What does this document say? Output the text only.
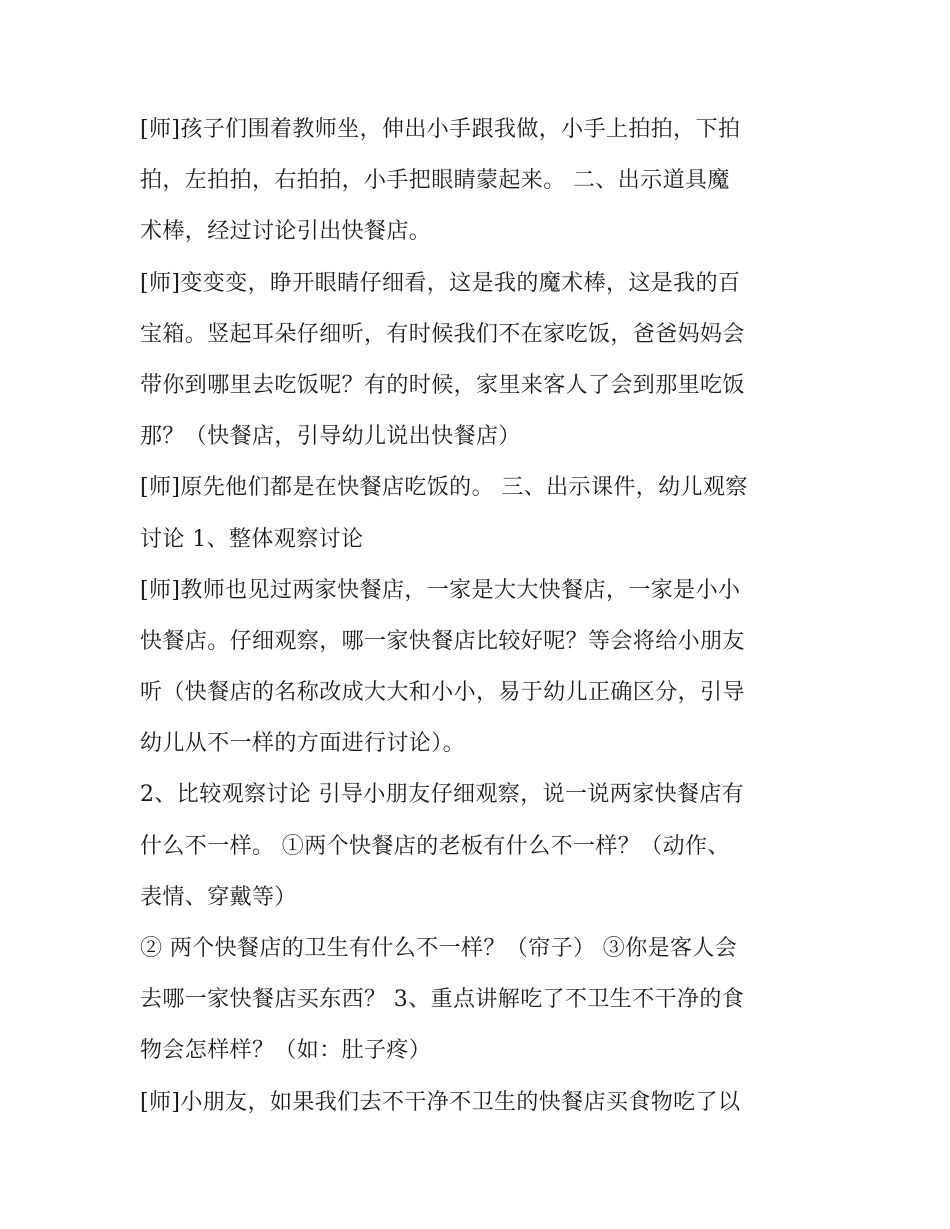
[师]孩子们围着教师坐，伸出小手跟我做，小手上拍拍，下拍
拍，左拍拍，右拍拍，小手把眼睛蒙起来。 二、出示道具魔
术棒，经过讨论引出快餐店。
[师]变变变，睁开眼睛仔细看，这是我的魔术棒，这是我的百
宝箱。竖起耳朵仔细听，有时候我们不在家吃饭，爸爸妈妈会
带你到哪里去吃饭呢？有的时候，家里来客人了会到那里吃饭
那？（快餐店，引导幼儿说出快餐店）
[师]原先他们都是在快餐店吃饭的。 三、出示课件，幼儿观察
讨论 1、整体观察讨论
[师]教师也见过两家快餐店，一家是大大快餐店，一家是小小
快餐店。仔细观察，哪一家快餐店比较好呢？等会将给小朋友
听（快餐店的名称改成大大和小小，易于幼儿正确区分，引导
幼儿从不一样的方面进行讨论）。
2、比较观察讨论 引导小朋友仔细观察，说一说两家快餐店有
什么不一样。 ①两个快餐店的老板有什么不一样？（动作、
表情、穿戴等）
② 两个快餐店的卫生有什么不一样？（帘子） ③你是客人会
去哪一家快餐店买东西？ 3、重点讲解吃了不卫生不干净的食
物会怎样样？（如：肚子疼）
[师]小朋友，如果我们去不干净不卫生的快餐店买食物吃了以
